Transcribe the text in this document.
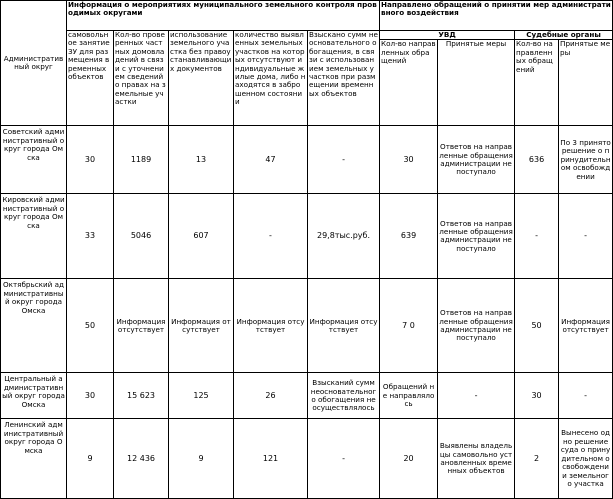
Административный округ	Информация о мероприятиях муниципального земельного контроля проводимых округами					Направлено обращений о принятии мер административного воздействия			
	самовольное занятие ЗУ для размещения временных объектов	Кол-во проверенных частных домовладений в связи с уточнением сведений о правах на земельные участки	использование земельного участка без правоустанавливающих документов	количество выявленных земельных участков на которых отсутствуют индивидуальные жилые дома, либо находятся в заброшенном состоянии	Взыскано сумм неосновательного обогащения, в связи с использованием земельных участков при размещении временных объектов	УВД		Судебные органы	
						Кол-во направленных обращений	Принятые меры	Кол-во направленных обращений	Принятые меры
Советский административный округ города Омска	30	1189	13	47	-	30	Ответов на направленные обращения администрации не поступало	636	По 3 принято решение о принудительном освобождении
Кировский административный округ города Омска	33	5046	607	-	29,8тыс.руб.	639	Ответов на направленные обращения администрации не поступало	-	-
Октябрьский административный округ города Омска	50	Информация отсутствует	Информация отсутствует	Информация отсутствует	Информация отсутствует	7 0	Ответов на направленные обращения администрации не поступало	50	Информация отсутствует
Центральный административный округ города Омска	30	15 623	125	26	Взысканий сумм неосновательного обогащения не осуществлялось	Обращений не направлялось	-	30	-
Ленинский административный округ города Омска	9	12 436	9	121	-	20	Выявлены владельцы самовольно установленных временных объектов	2	Вынесено одно решение суда о принудительном освобождении земельного участка
